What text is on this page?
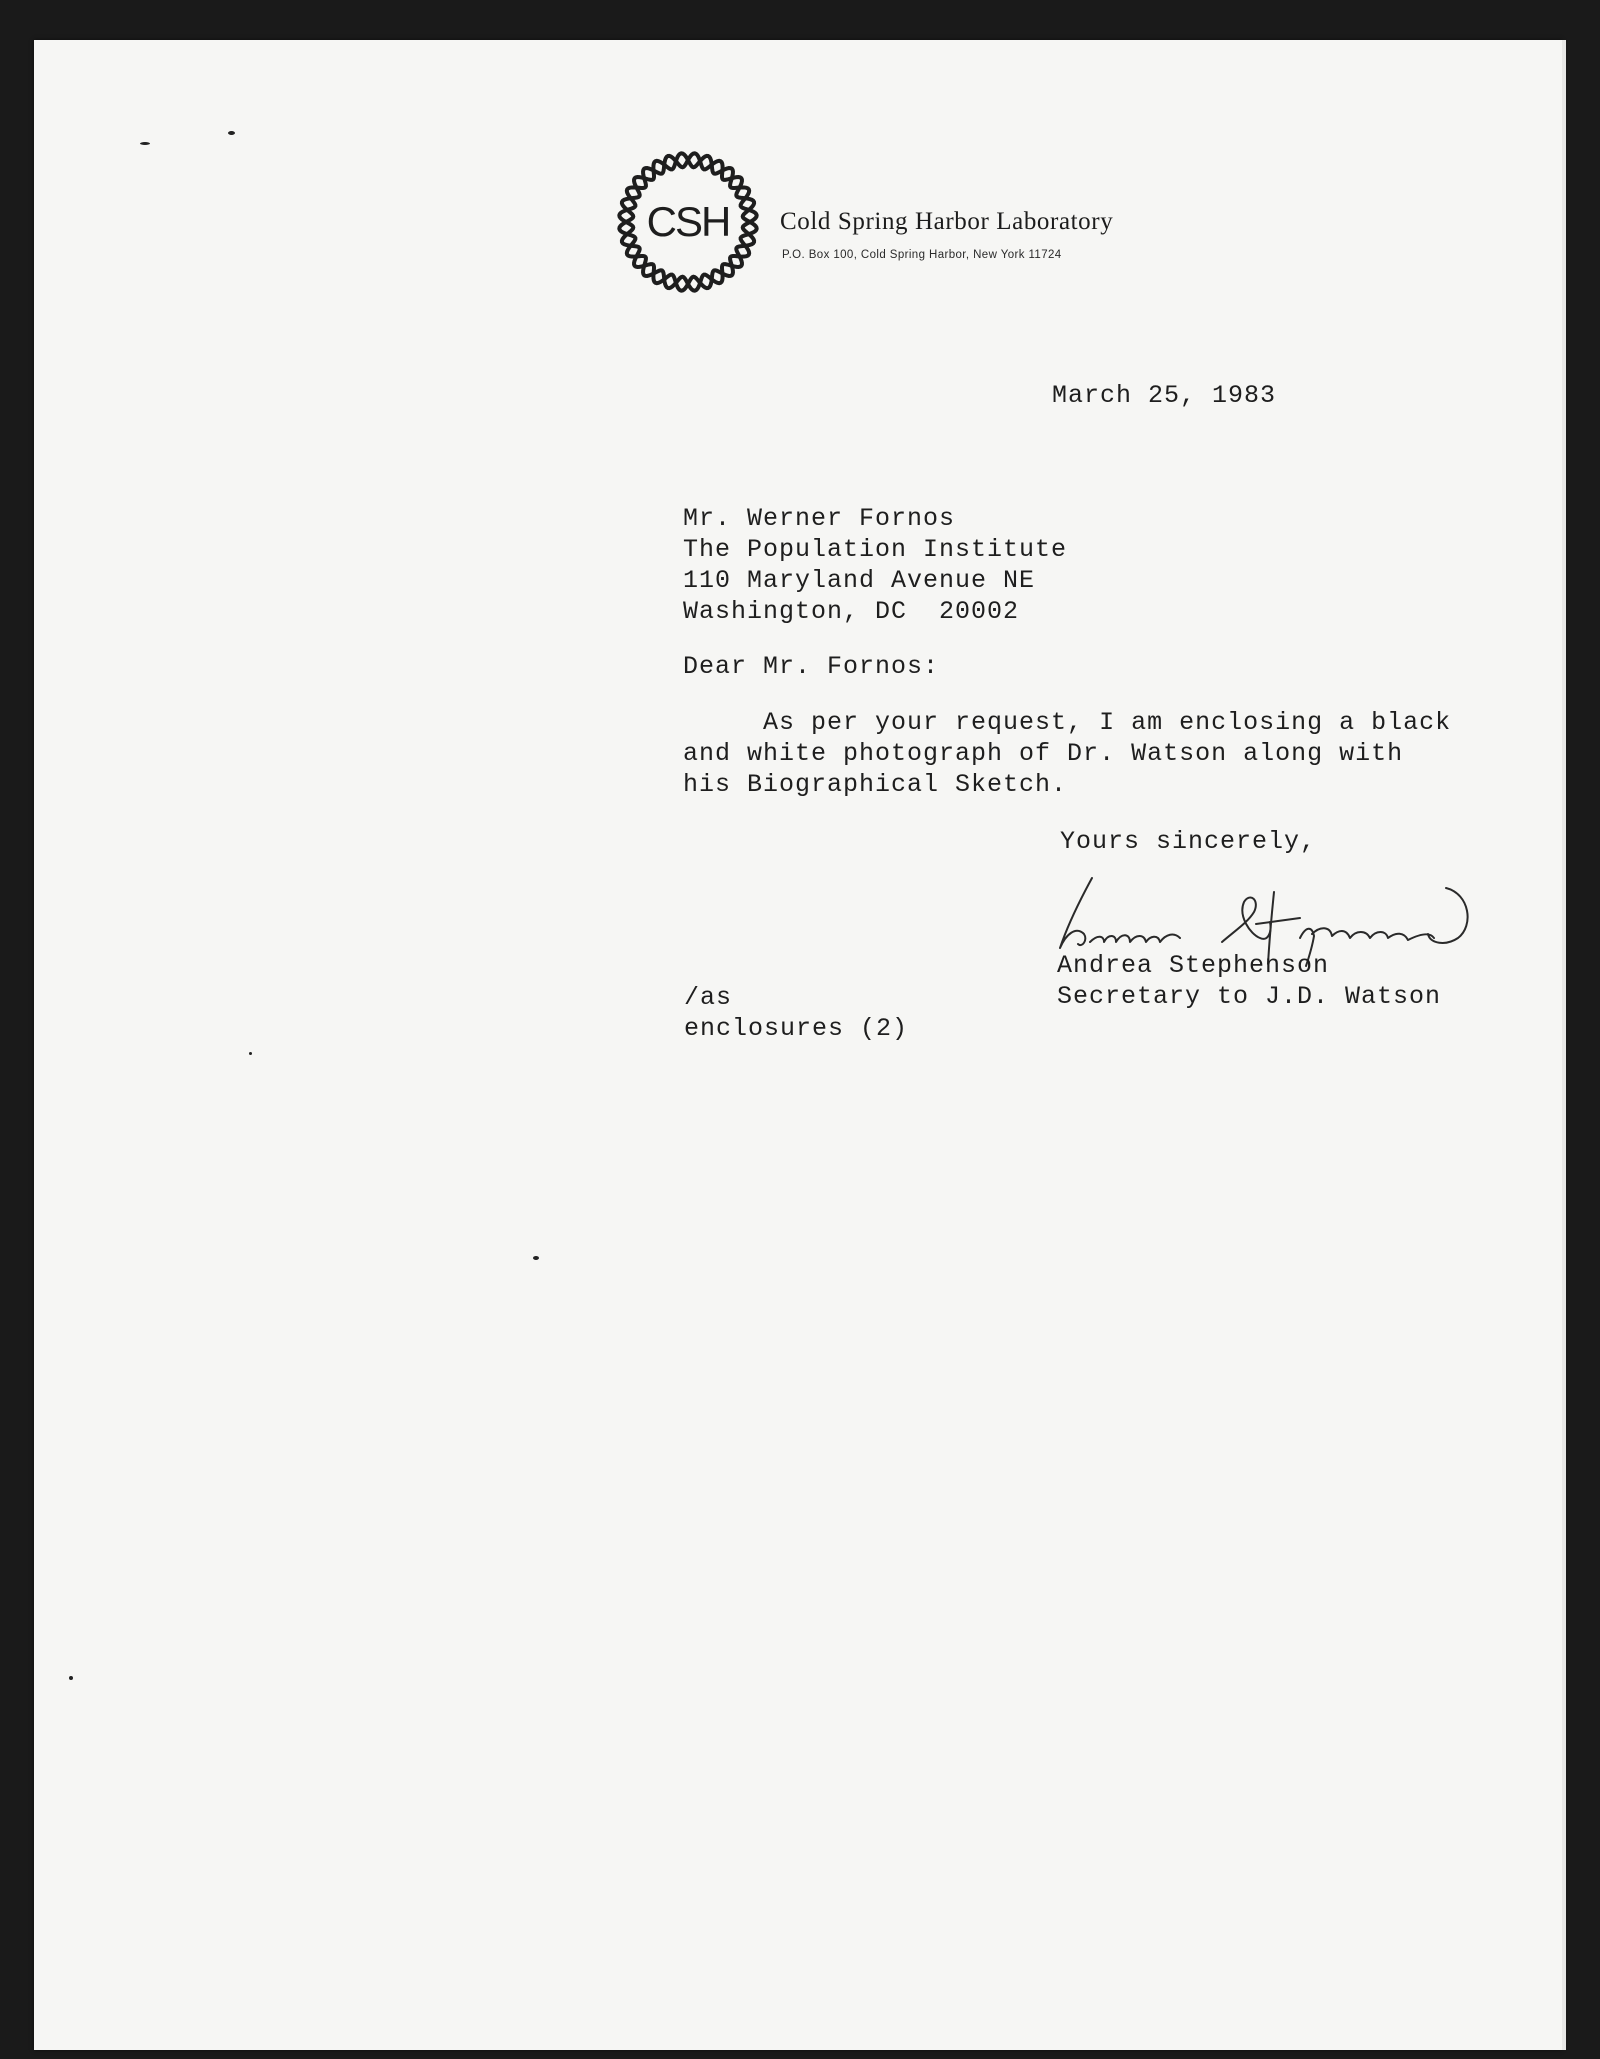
CSH Cold Spring Harbor Laboratory
P.O. Box 100, Cold Spring Harbor, New York 11724
March 25, 1983
Mr. Werner Fornos
The Population Institute
110 Maryland Avenue NE
Washington, DC  20002
Dear Mr. Fornos:
As per your request, I am enclosing a black
and white photograph of Dr. Watson along with
his Biographical Sketch.
Yours sincerely,
Andrea Stephenson
Secretary to J.D. Watson
/as
enclosures (2)
